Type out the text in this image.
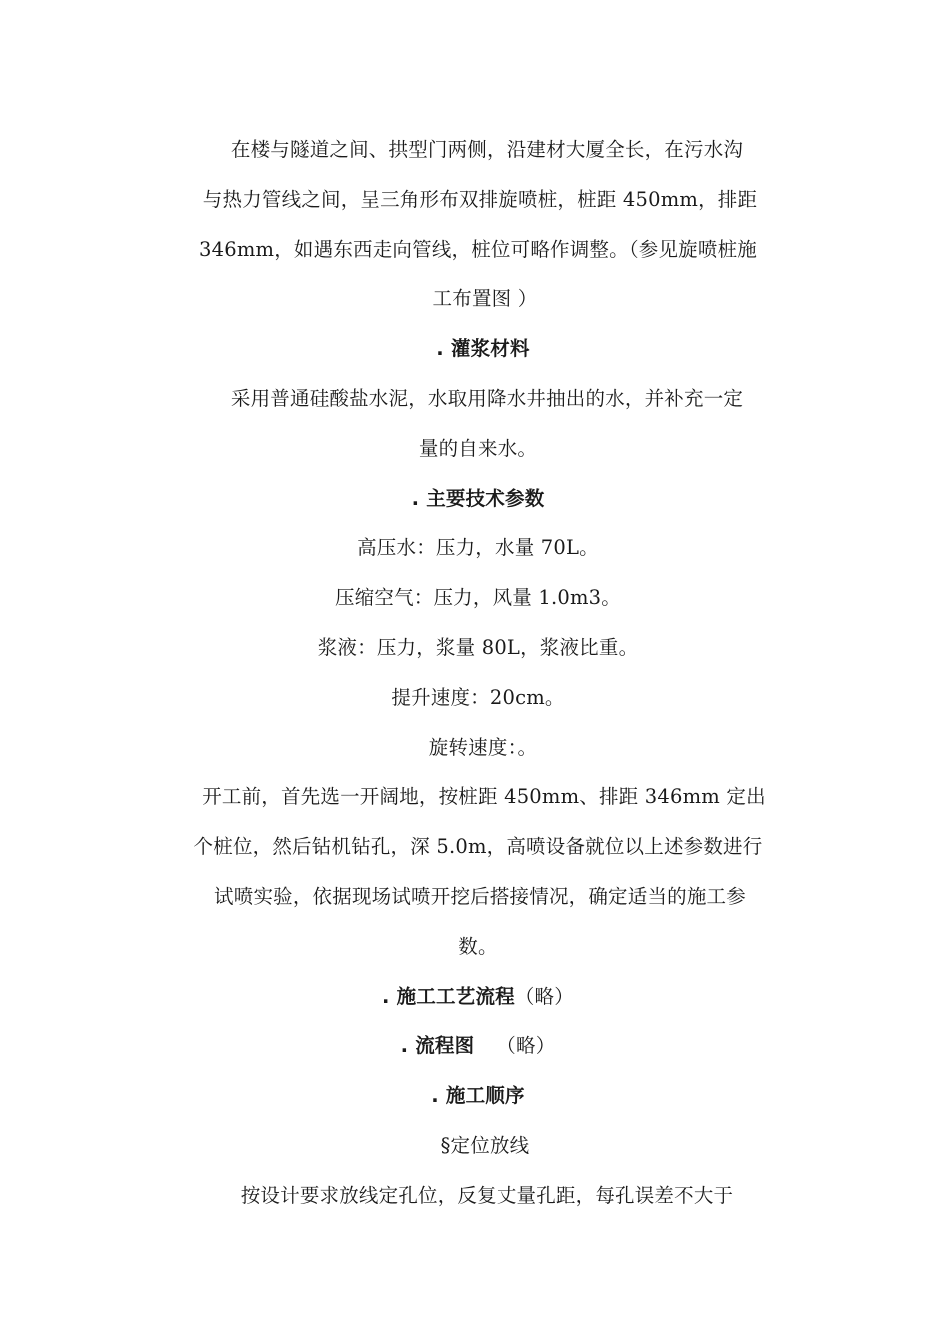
在楼与隧道之间、拱型门两侧，沿建材大厦全长，在污水沟
与热力管线之间，呈三角形布双排旋喷桩，桩距 450mm，排距
346mm，如遇东西走向管线，桩位可略作调整。（参见旋喷桩施
工布置图 ）
. 灌浆材料
采用普通硅酸盐水泥，水取用降水井抽出的水，并补充一定
量的自来水。
. 主要技术参数
高压水：压力，水量 70L。
压缩空气：压力，风量 1.0m3。
浆液：压力，浆量 80L，浆液比重。
提升速度：20cm。
旋转速度：。
开工前，首先选一开阔地，按桩距 450mm、排距 346mm 定出
个桩位，然后钻机钻孔，深 5.0m，高喷设备就位以上述参数进行
试喷实验，依据现场试喷开挖后搭接情况，确定适当的施工参
数。
. 施工工艺流程（略）
. 流程图 （略）
. 施工顺序
§定位放线
按设计要求放线定孔位，反复丈量孔距，每孔误差不大于
